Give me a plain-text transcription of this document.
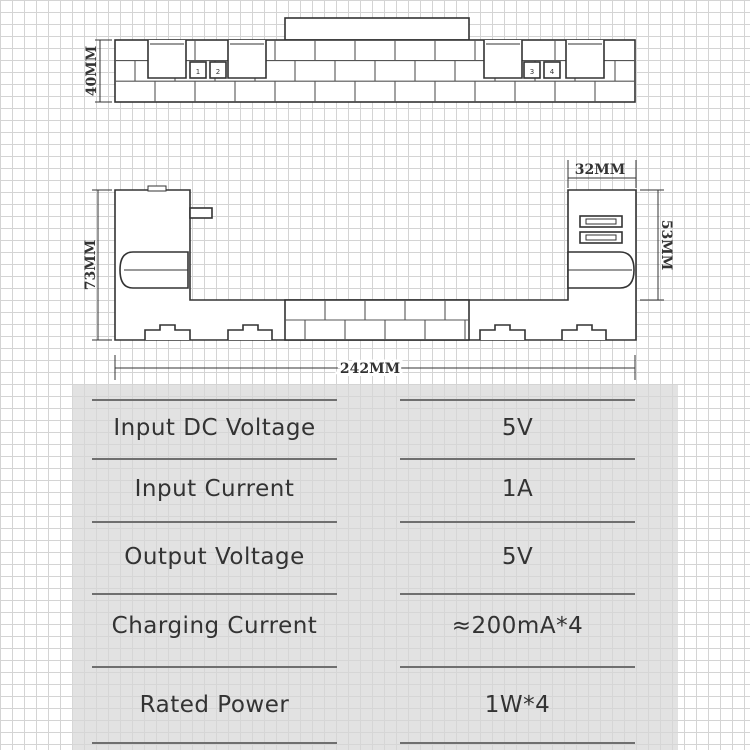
1 2	3 4
40MM
32MM
53MM
73MM
242MM
Input DC Voltage	5V
Input Current	1A
Output Voltage	5V
Charging Current	≈200mA*4
Rated Power	1W*4
